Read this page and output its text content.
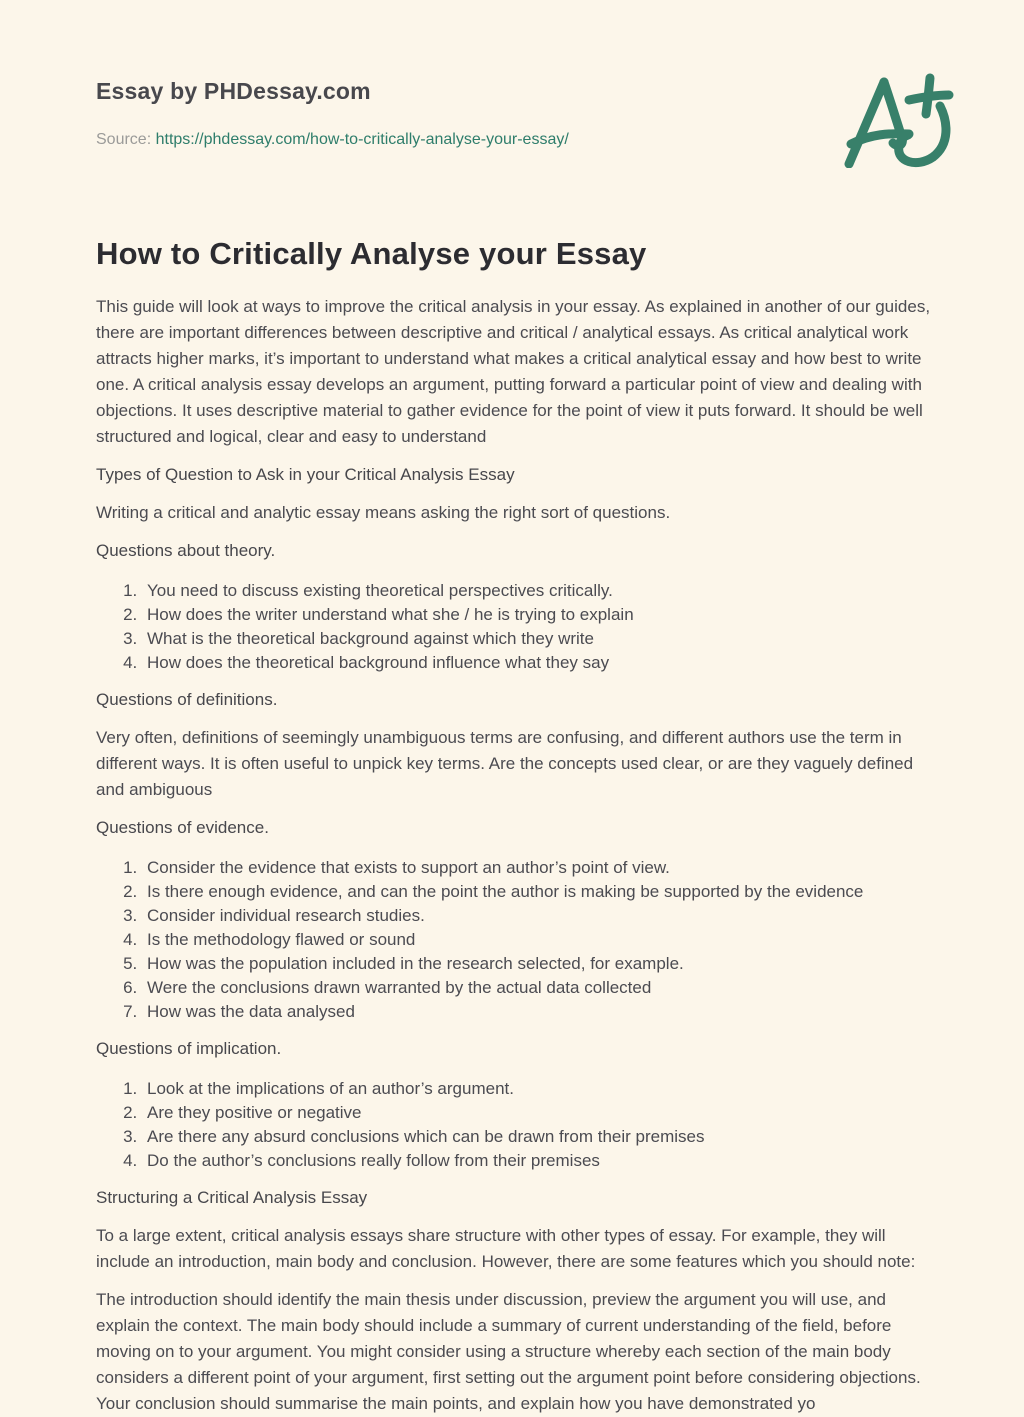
Essay by PHDessay.com

Source: https://phdessay.com/how-to-critically-analyse-your-essay/

How to Critically Analyse your Essay

This guide will look at ways to improve the critical analysis in your essay. As explained in another of our guides, there are important differences between descriptive and critical / analytical essays. As critical analytical work attracts higher marks, it’s important to understand what makes a critical analytical essay and how best to write one. A critical analysis essay develops an argument, putting forward a particular point of view and dealing with objections. It uses descriptive material to gather evidence for the point of view it puts forward. It should be well structured and logical, clear and easy to understand

Types of Question to Ask in your Critical Analysis Essay

Writing a critical and analytic essay means asking the right sort of questions.

Questions about theory.

1. You need to discuss existing theoretical perspectives critically.
2. How does the writer understand what she / he is trying to explain
3. What is the theoretical background against which they write
4. How does the theoretical background influence what they say

Questions of definitions.

Very often, definitions of seemingly unambiguous terms are confusing, and different authors use the term in different ways. It is often useful to unpick key terms. Are the concepts used clear, or are they vaguely defined and ambiguous

Questions of evidence.

1. Consider the evidence that exists to support an author’s point of view.
2. Is there enough evidence, and can the point the author is making be supported by the evidence
3. Consider individual research studies.
4. Is the methodology flawed or sound
5. How was the population included in the research selected, for example.
6. Were the conclusions drawn warranted by the actual data collected
7. How was the data analysed

Questions of implication.

1. Look at the implications of an author’s argument.
2. Are they positive or negative
3. Are there any absurd conclusions which can be drawn from their premises
4. Do the author’s conclusions really follow from their premises

Structuring a Critical Analysis Essay

To a large extent, critical analysis essays share structure with other types of essay. For example, they will include an introduction, main body and conclusion. However, there are some features which you should note:

The introduction should identify the main thesis under discussion, preview the argument you will use, and explain the context. The main body should include a summary of current understanding of the field, before moving on to your argument. You might consider using a structure whereby each section of the main body considers a different point of your argument, first setting out the argument point before considering objections. Your conclusion should summarise the main points, and explain how you have demonstrated yo
